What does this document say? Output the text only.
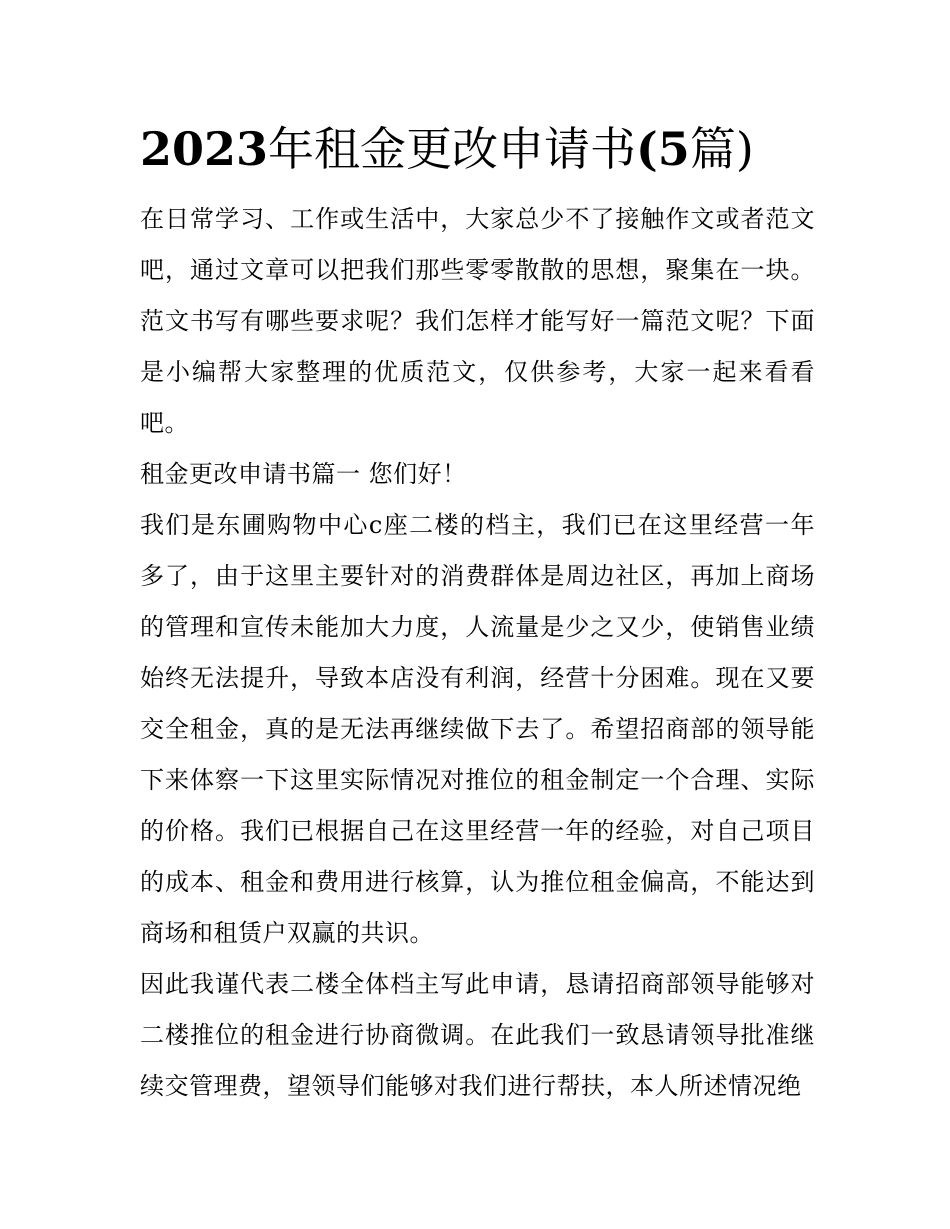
2023年租金更改申请书(5篇)

在日常学习、工作或生活中，大家总少不了接触作文或者范文吧，通过文章可以把我们那些零零散散的思想，聚集在一块。范文书写有哪些要求呢？我们怎样才能写好一篇范文呢？下面是小编帮大家整理的优质范文，仅供参考，大家一起来看看吧。

租金更改申请书篇一 您们好！

我们是东圃购物中心c座二楼的档主，我们已在这里经营一年多了，由于这里主要针对的消费群体是周边社区，再加上商场的管理和宣传未能加大力度，人流量是少之又少，使销售业绩始终无法提升，导致本店没有利润，经营十分困难。现在又要交全租金，真的是无法再继续做下去了。希望招商部的领导能下来体察一下这里实际情况对推位的租金制定一个合理、实际的价格。我们已根据自己在这里经营一年的经验，对自己项目的成本、租金和费用进行核算，认为推位租金偏高，不能达到商场和租赁户双赢的共识。

因此我谨代表二楼全体档主写此申请，恳请招商部领导能够对二楼推位的租金进行协商微调。在此我们一致恳请领导批准继续交管理费，望领导们能够对我们进行帮扶，本人所述情况绝
